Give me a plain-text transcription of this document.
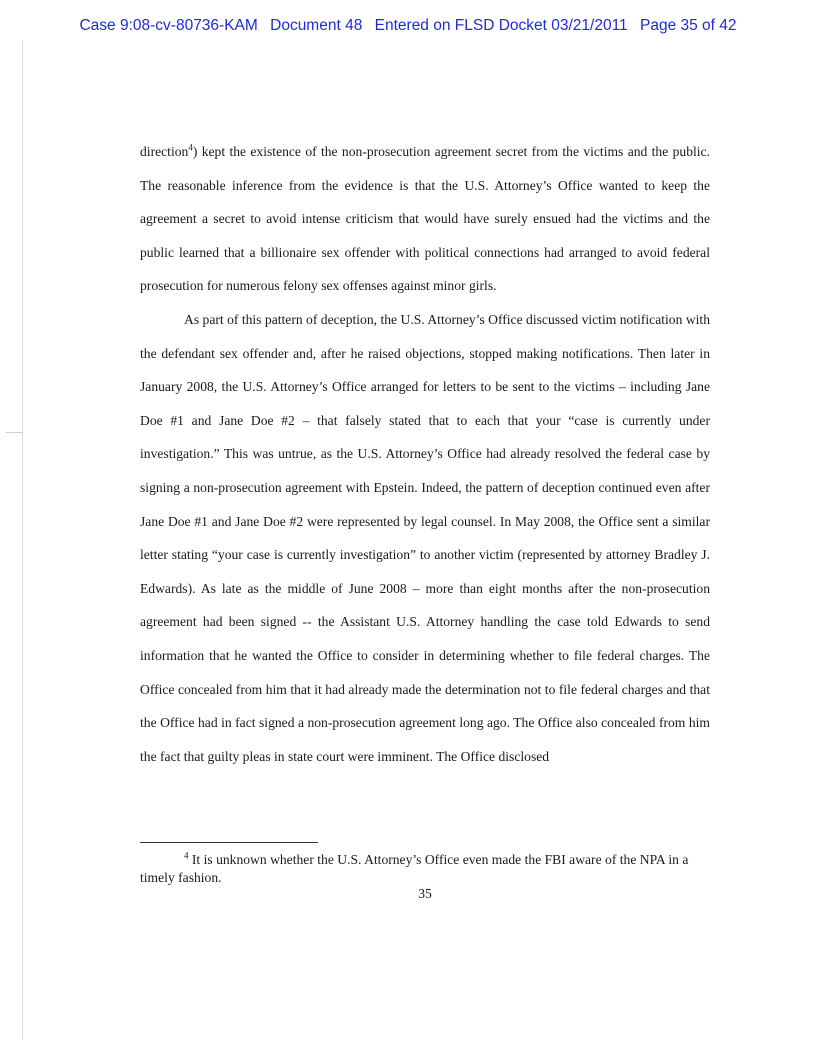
Case 9:08-cv-80736-KAM Document 48 Entered on FLSD Docket 03/21/2011 Page 35 of 42

direction$^4$) kept the existence of the non-prosecution agreement secret from the victims and the public. The reasonable inference from the evidence is that the U.S. Attorney’s Office wanted to keep the agreement a secret to avoid intense criticism that would have surely ensued had the victims and the public learned that a billionaire sex offender with political connections had arranged to avoid federal prosecution for numerous felony sex offenses against minor girls.

As part of this pattern of deception, the U.S. Attorney’s Office discussed victim notification with the defendant sex offender and, after he raised objections, stopped making notifications. Then later in January 2008, the U.S. Attorney’s Office arranged for letters to be sent to the victims – including Jane Doe #1 and Jane Doe #2 – that falsely stated that to each that your “case is currently under investigation.” This was untrue, as the U.S. Attorney’s Office had already resolved the federal case by signing a non-prosecution agreement with Epstein. Indeed, the pattern of deception continued even after Jane Doe #1 and Jane Doe #2 were represented by legal counsel. In May 2008, the Office sent a similar letter stating “your case is currently investigation” to another victim (represented by attorney Bradley J. Edwards). As late as the middle of June 2008 – more than eight months after the non-prosecution agreement had been signed -- the Assistant U.S. Attorney handling the case told Edwards to send information that he wanted the Office to consider in determining whether to file federal charges. The Office concealed from him that it had already made the determination not to file federal charges and that the Office had in fact signed a non-prosecution agreement long ago. The Office also concealed from him the fact that guilty pleas in state court were imminent. The Office disclosed

$^4$ It is unknown whether the U.S. Attorney’s Office even made the FBI aware of the NPA in a timely fashion.

35
